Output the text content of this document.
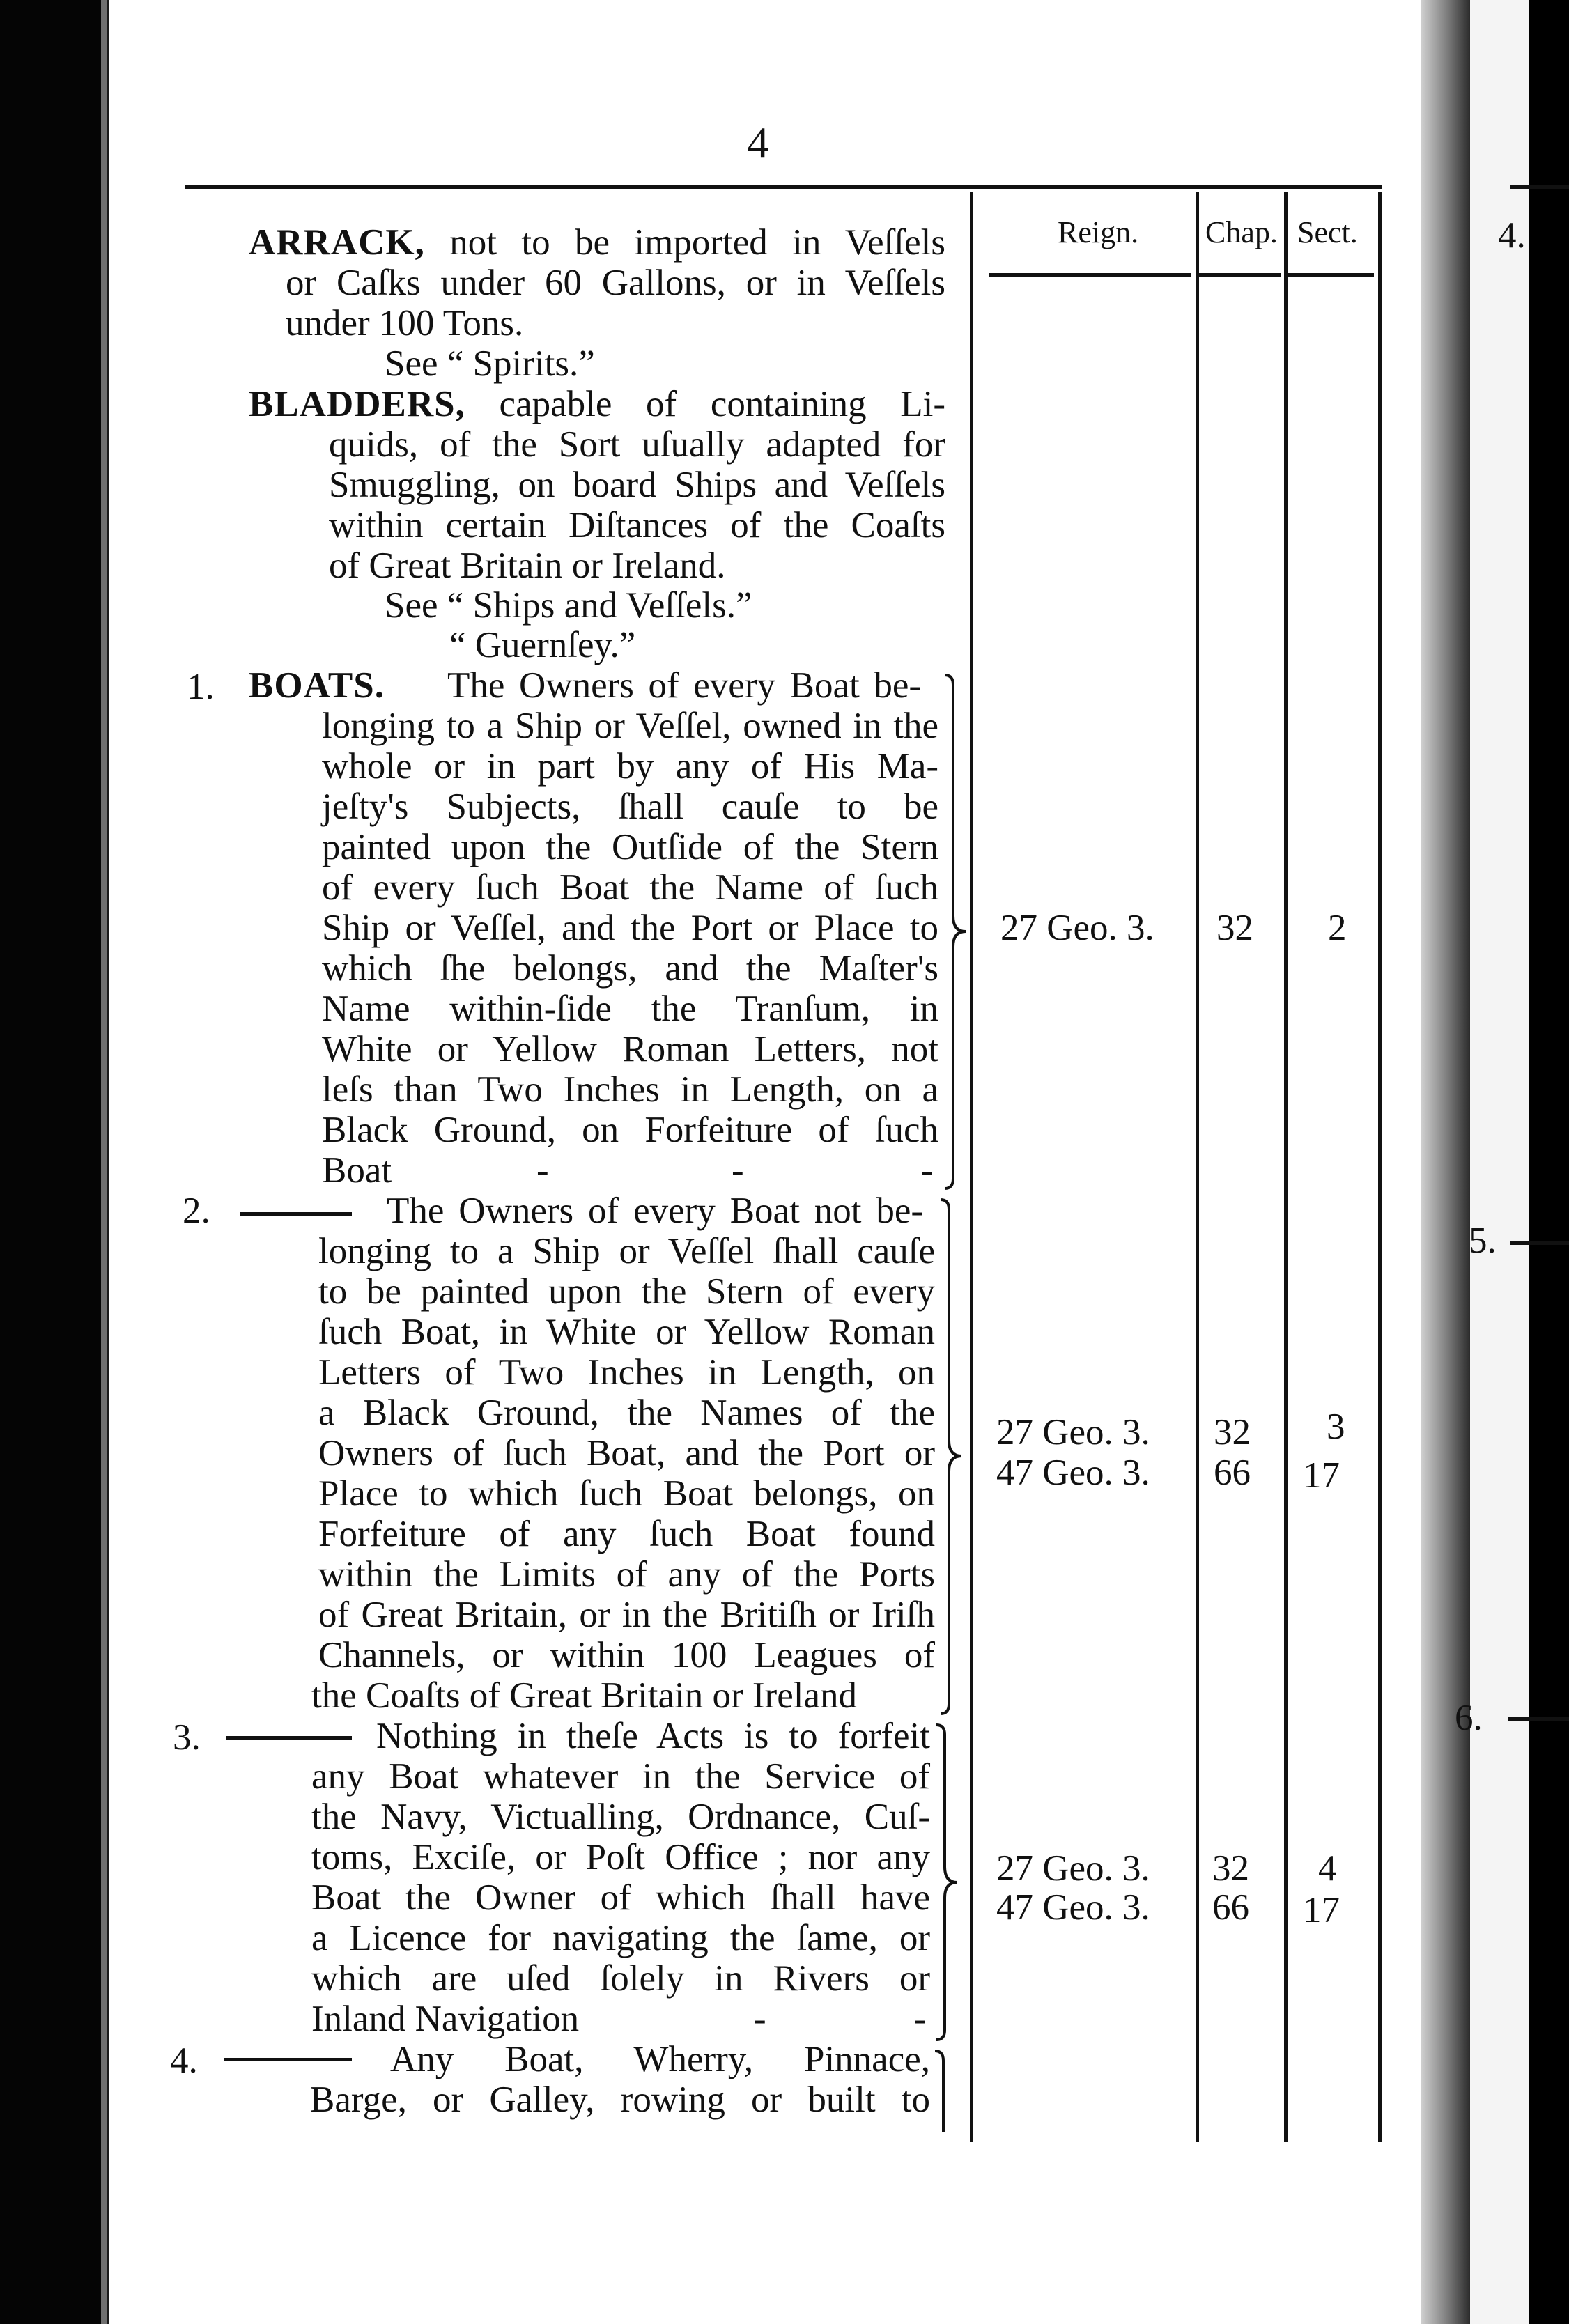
4
Reign. Chap. Sect.
ARRACK, not to be imported in Veſſels
or Caſks under 60 Gallons, or in Veſſels
under 100 Tons.
See “ Spirits.”
BLADDERS, capable of containing Li-
quids, of the Sort uſually adapted for
Smuggling, on board Ships and Veſſels
within certain Diſtances of the Coaſts
of Great Britain or Ireland.
See “ Ships and Veſſels.”
“ Guernſey.”
1. BOATS. The Owners of every Boat be-
longing to a Ship or Veſſel, owned in the
whole or in part by any of His Ma-
jeſty's Subjects, ſhall cauſe to be
painted upon the Outſide of the Stern
of every ſuch Boat the Name of ſuch
Ship or Veſſel, and the Port or Place to
which ſhe belongs, and the Maſter's
Name within-ſide the Tranſum, in
White or Yellow Roman Letters, not
leſs than Two Inches in Length, on a
Black Ground, on Forfeiture of ſuch
Boat	-	-	-
27 Geo. 3. 32 2
2.	The Owners of every Boat not be-
longing to a Ship or Veſſel ſhall cauſe
to be painted upon the Stern of every
ſuch Boat, in White or Yellow Roman
Letters of Two Inches in Length, on
a Black Ground, the Names of the
Owners of ſuch Boat, and the Port or
Place to which ſuch Boat belongs, on
Forfeiture of any ſuch Boat found
within the Limits of any of the Ports
of Great Britain, or in the Britiſh or Iriſh
Channels, or within 100 Leagues of
the Coaſts of Great Britain or Ireland
27 Geo. 3. 32 3
47 Geo. 3. 66 17
3.	Nothing in theſe Acts is to forfeit
any Boat whatever in the Service of
the Navy, Victualling, Ordnance, Cuſ-
toms, Exciſe, or Poſt Office ; nor any
Boat the Owner of which ſhall have
a Licence for navigating the ſame, or
which are uſed ſolely in Rivers or
Inland Navigation	-	-
27 Geo. 3. 32 4
47 Geo. 3. 66 17
4.	Any Boat, Wherry, Pinnace,
Barge, or Galley, rowing or built to
4.
5.
6.
